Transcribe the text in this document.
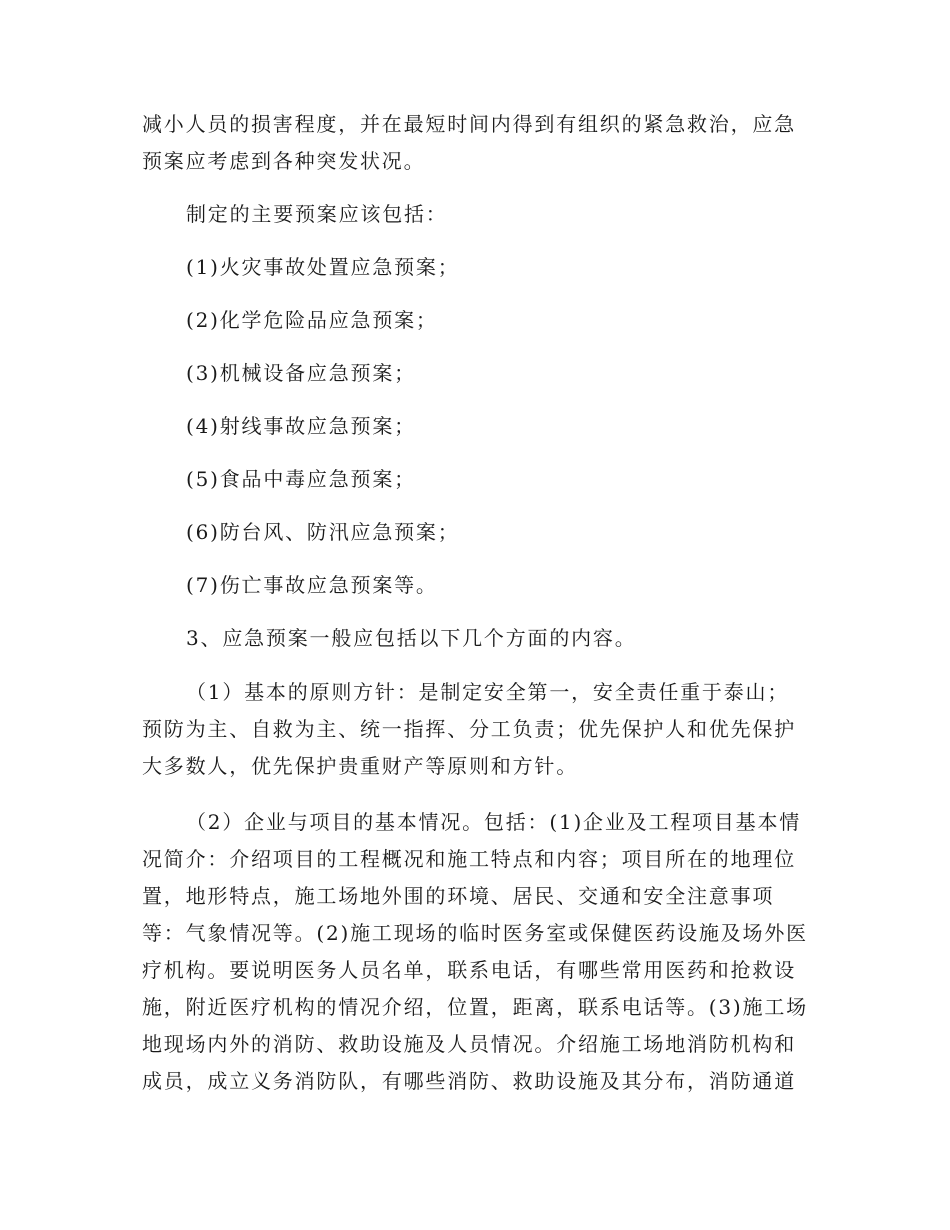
减小人员的损害程度，并在最短时间内得到有组织的紧急救治，应急预案应考虑到各种突发状况。

制定的主要预案应该包括：

(1)火灾事故处置应急预案；

(2)化学危险品应急预案；

(3)机械设备应急预案；

(4)射线事故应急预案；

(5)食品中毒应急预案；

(6)防台风、防汛应急预案；

(7)伤亡事故应急预案等。

3、应急预案一般应包括以下几个方面的内容。

（1）基本的原则方针：是制定安全第一，安全责任重于泰山；预防为主、自救为主、统一指挥、分工负责；优先保护人和优先保护大多数人，优先保护贵重财产等原则和方针。

（2）企业与项目的基本情况。包括：(1)企业及工程项目基本情况简介：介绍项目的工程概况和施工特点和内容；项目所在的地理位置，地形特点，施工场地外围的环境、居民、交通和安全注意事项等：气象情况等。(2)施工现场的临时医务室或保健医药设施及场外医疗机构。要说明医务人员名单，联系电话，有哪些常用医药和抢救设施，附近医疗机构的情况介绍，位置，距离，联系电话等。(3)施工场地现场内外的消防、救助设施及人员情况。介绍施工场地消防机构和成员，成立义务消防队，有哪些消防、救助设施及其分布，消防通道
